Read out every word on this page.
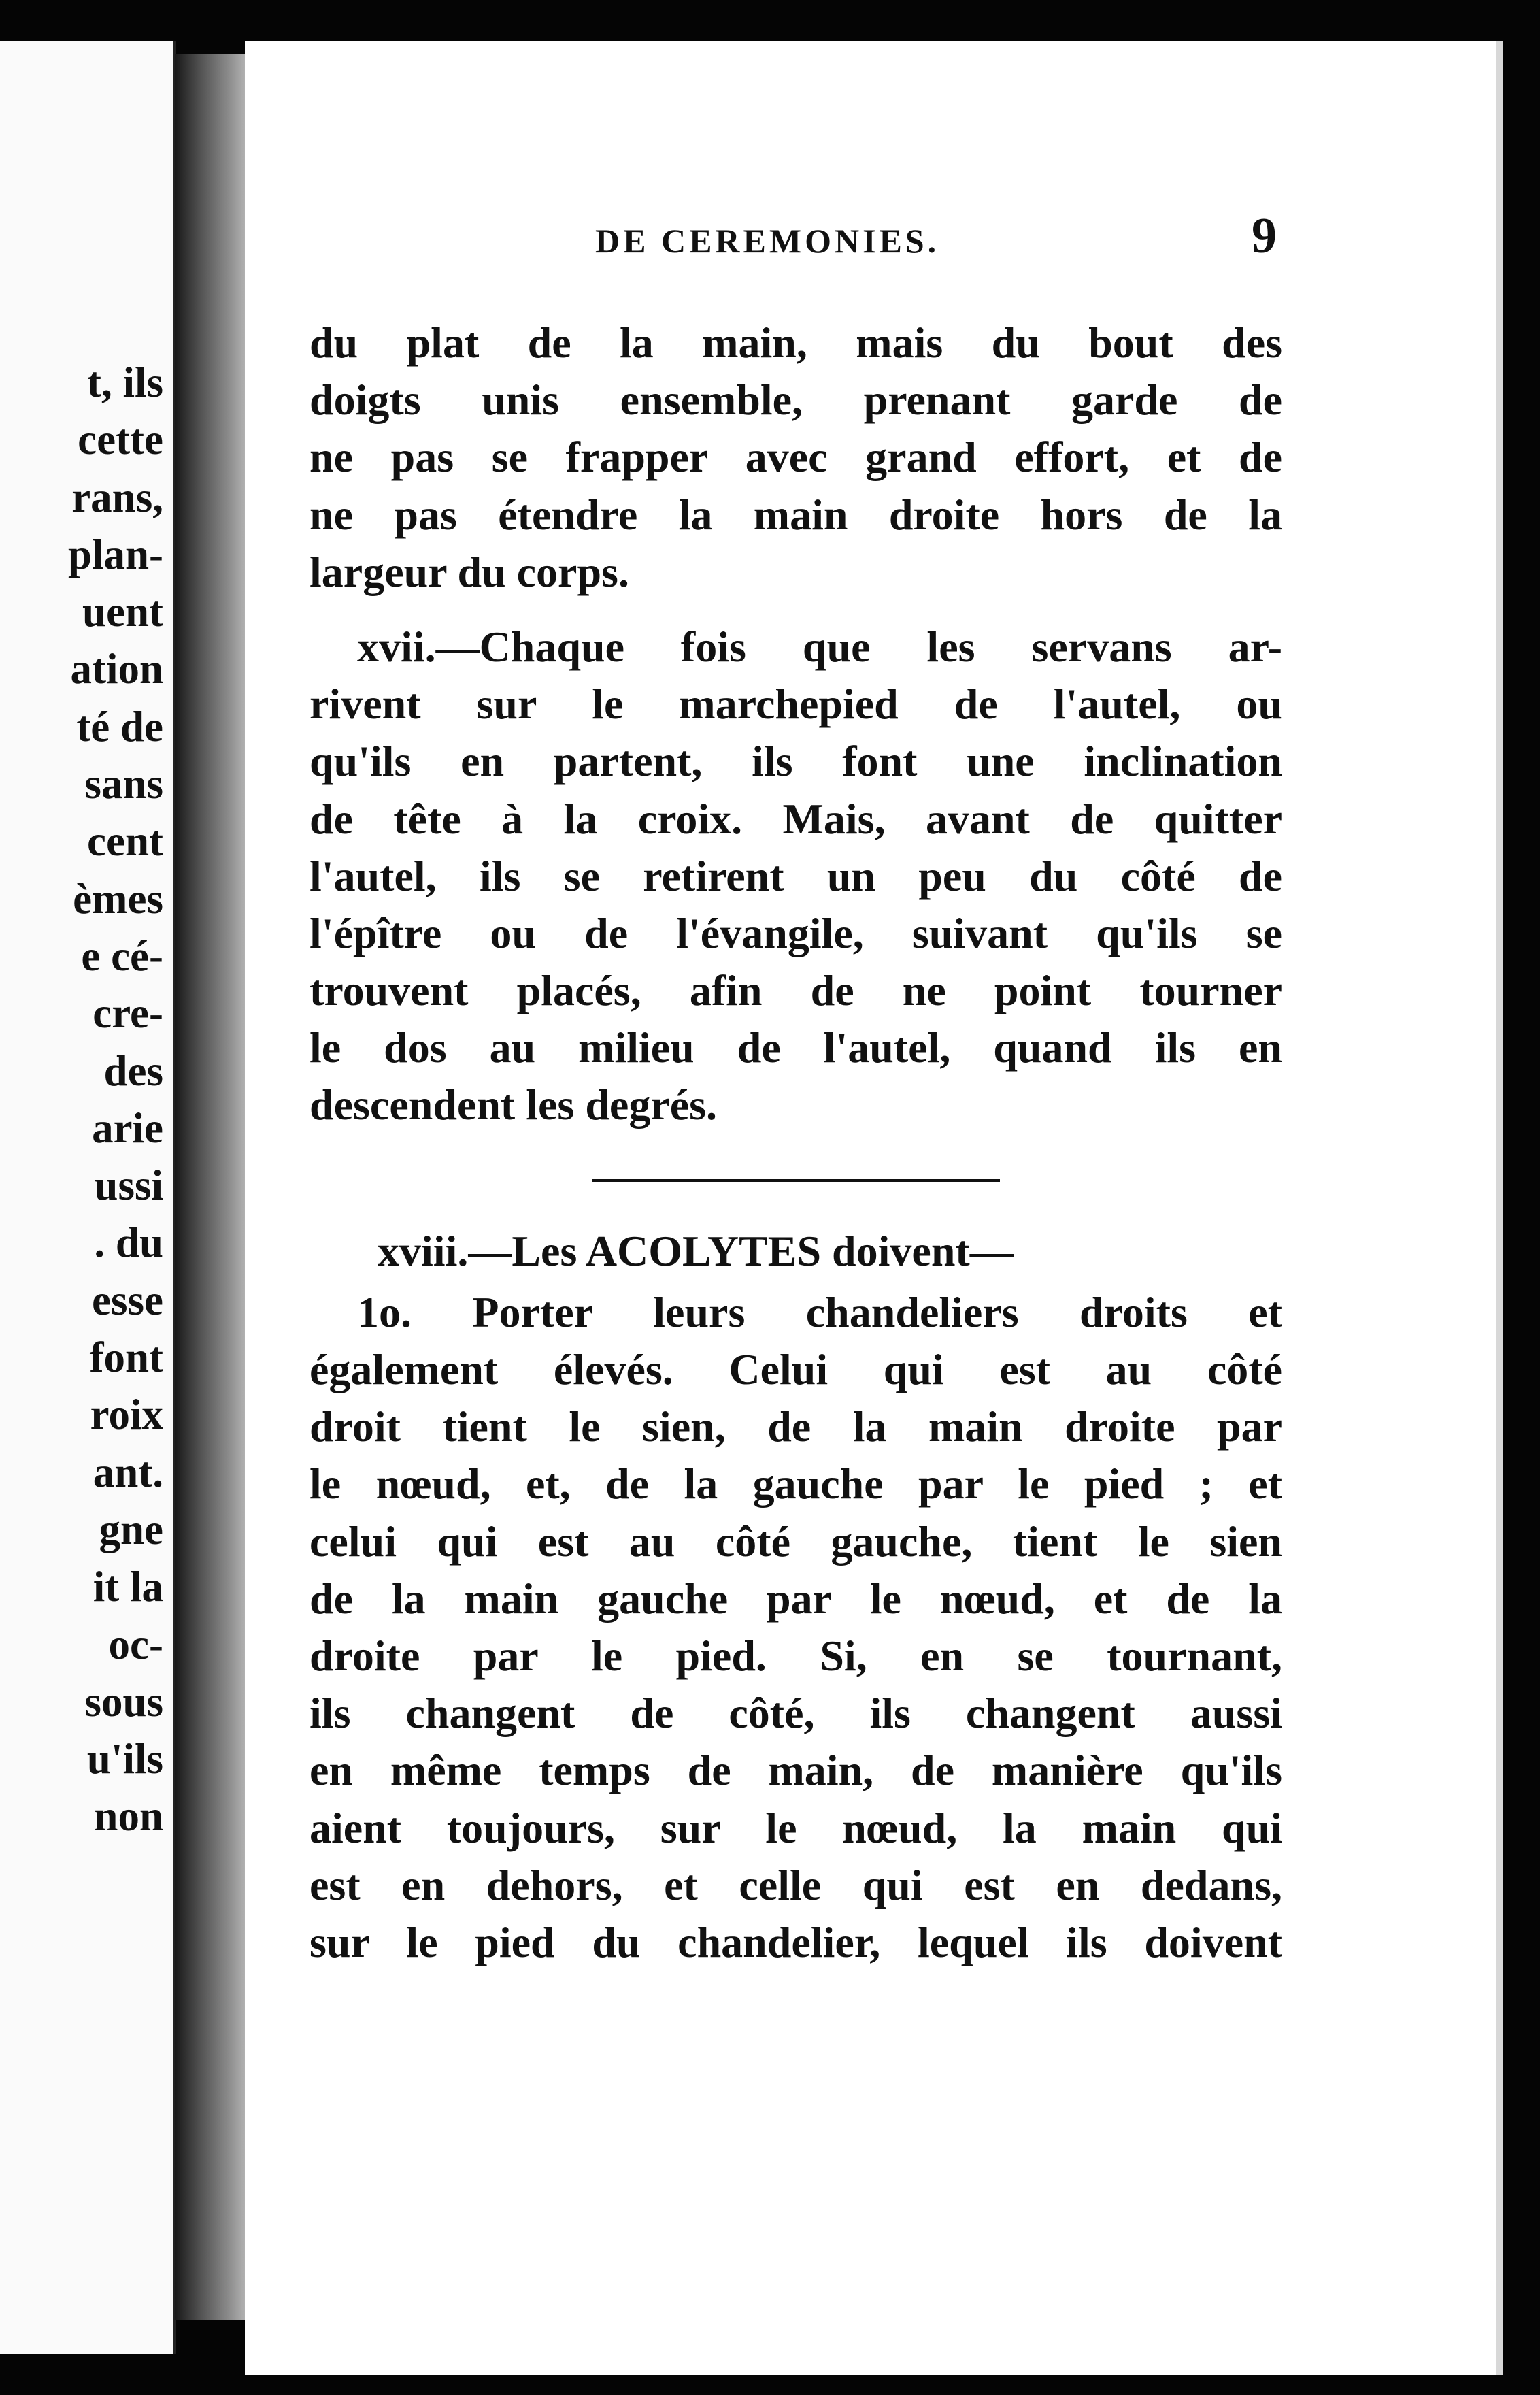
t, ils
cette
rans,
plan-
uent
ation
té de
sans
cent
èmes
e cé-
cre-
des
arie
ussi
. du
esse
font
roix
ant.
gne
it la
oc-
sous
u'ils
non
DE CEREMONIES.	9
du plat de la main, mais du bout des
doigts unis ensemble, prenant garde de
ne pas se frapper avec grand effort, et de
ne pas étendre la main droite hors de la
largeur du corps.
xvii.—Chaque fois que les servans ar-
rivent sur le marchepied de l'autel, ou
qu'ils en partent, ils font une inclination
de tête à la croix. Mais, avant de quitter
l'autel, ils se retirent un peu du côté de
l'épître ou de l'évangile, suivant qu'ils se
trouvent placés, afin de ne point tourner
le dos au milieu de l'autel, quand ils en
descendent les degrés.
xviii.—Les ACOLYTES doivent—
1o. Porter leurs chandeliers droits et
également élevés. Celui qui est au côté
droit tient le sien, de la main droite par
le nœud, et, de la gauche par le pied ; et
celui qui est au côté gauche, tient le sien
de la main gauche par le nœud, et de la
droite par le pied. Si, en se tournant,
ils changent de côté, ils changent aussi
en même temps de main, de manière qu'ils
aient toujours, sur le nœud, la main qui
est en dehors, et celle qui est en dedans,
sur le pied du chandelier, lequel ils doivent
